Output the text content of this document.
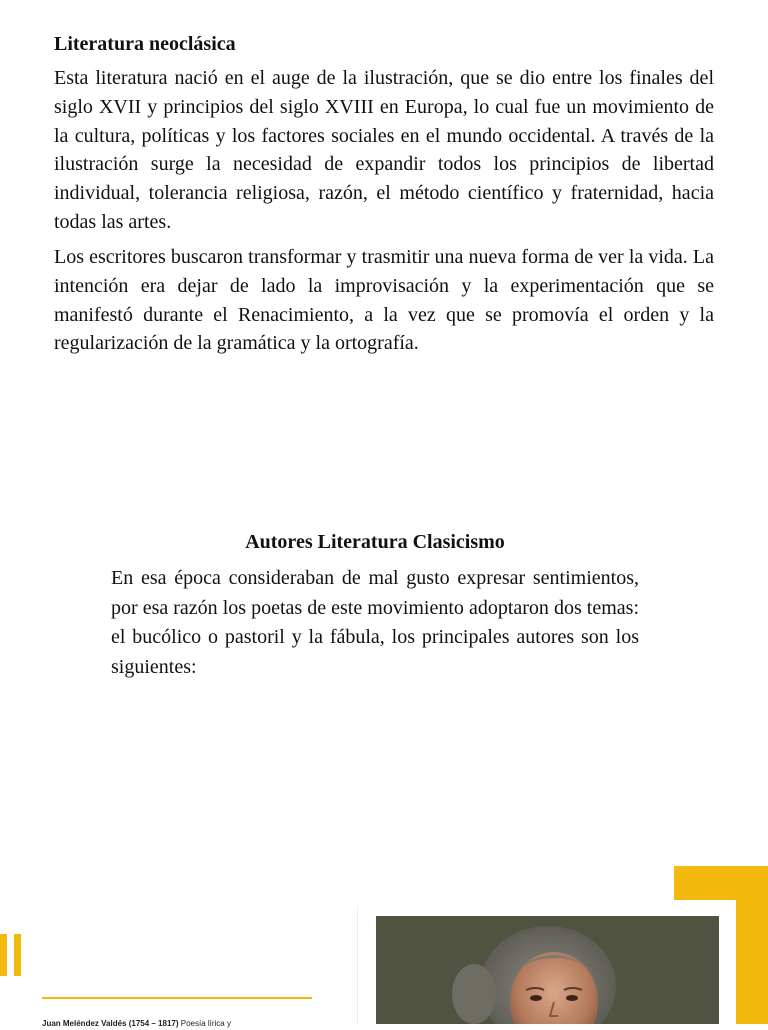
Literatura neoclásica

Esta literatura nació en el auge de la ilustración, que se dio entre los finales del siglo XVII y principios del siglo XVIII en Europa, lo cual fue un movimiento de la cultura, políticas y los factores sociales en el mundo occidental. A través de la ilustración surge la necesidad de expandir todos los principios de libertad individual, tolerancia religiosa, razón, el método científico y fraternidad, hacia todas las artes.

Los escritores buscaron transformar y trasmitir una nueva forma de ver la vida. La intención era dejar de lado la improvisación y la experimentación que se manifestó durante el Renacimiento, a la vez que se promovía el orden y la regularización de la gramática y la ortografía.

Autores Literatura Clasicismo

En esa época consideraban de mal gusto expresar sentimientos, por esa razón los poetas de este movimiento adoptaron dos temas: el bucólico o pastoril y la fábula, los principales autores son los siguientes:

Juan Meléndez Valdés (1754 – 1817) Poesía lírica y
